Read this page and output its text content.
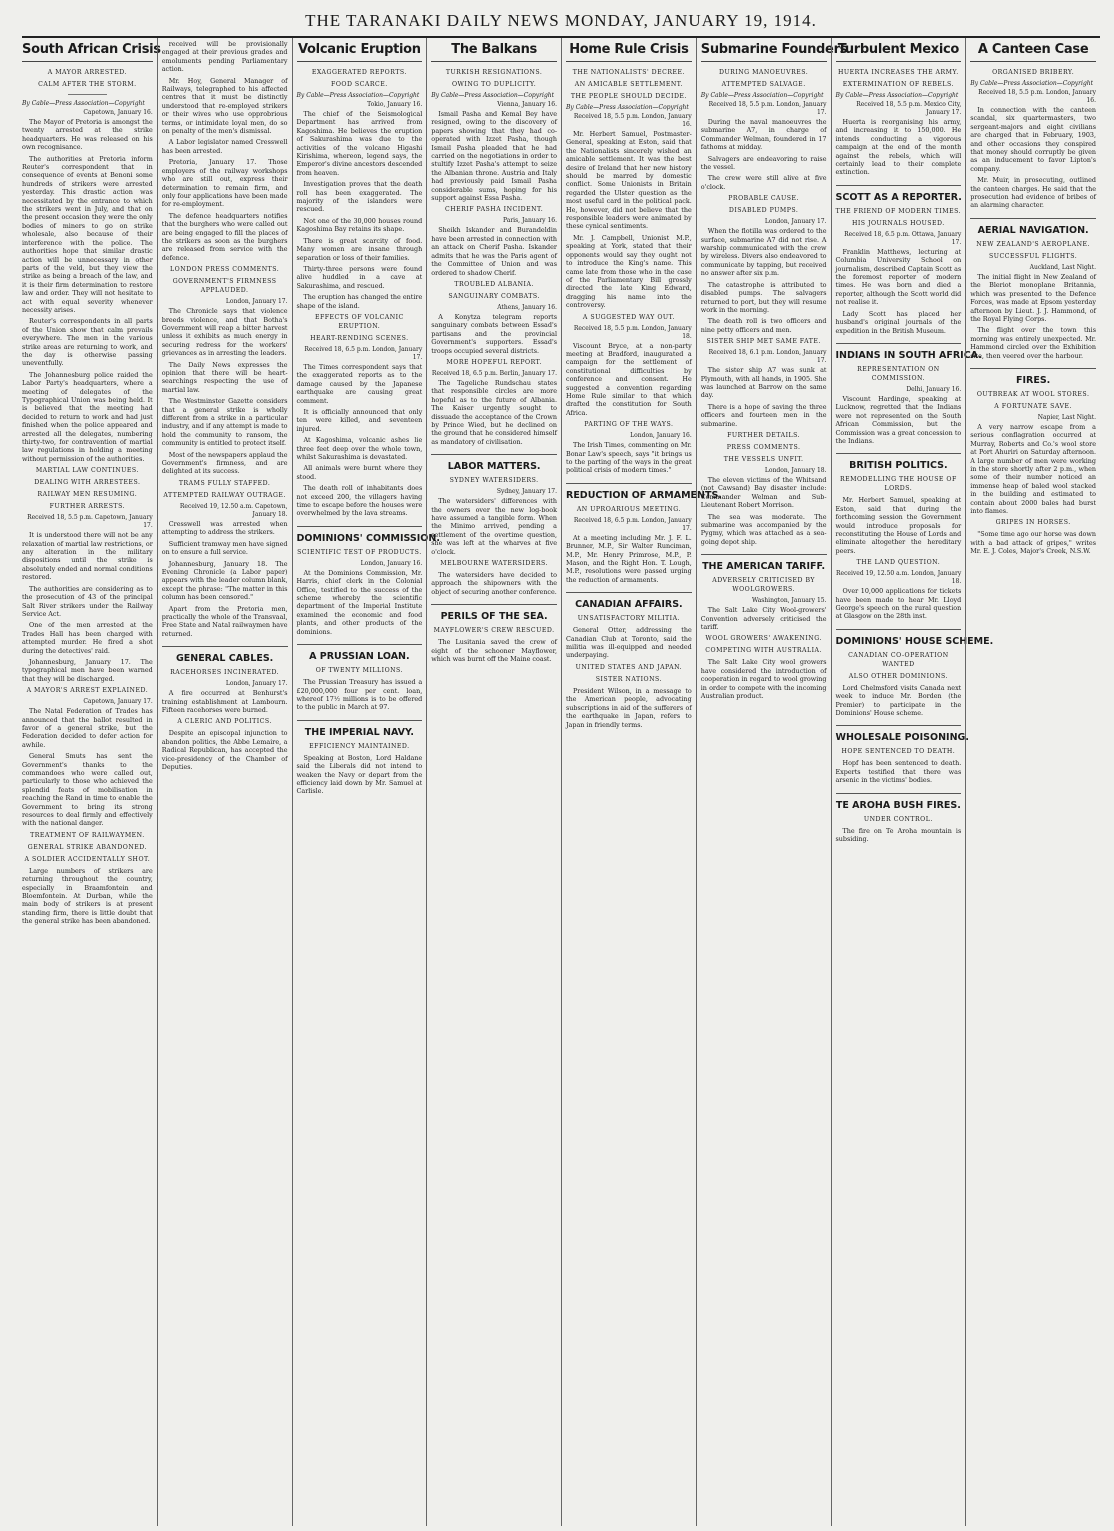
THE TARANAKI DAILY NEWS MONDAY, JANUARY 19, 1914.
South African Crisis
A MAYOR ARRESTED.
CALM AFTER THE STORM.
By Cable—Press Association—Copyright
Capetown, January 16.

The Mayor of Pretoria is amongst the twenty arrested at the strike headquarters. He was released on his own recognisance.

The authorities at Pretoria inform Reuter's correspondent that in consequence of events at Benoni some hundreds of strikers were arrested yesterday. This drastic action was necessitated by the entrance to which the strikers went in July, and that on the present occasion they were the only bodies of miners to go on strike wholesale, also because of their interference with the police. The authorities hope that similar drastic action will be unnecessary in other parts of the veld, but they view the strike as being a breach of the law, and it is their firm determination to restore law and order. They will not hesitate to act with equal severity whenever necessity arises.

Reuter's correspondents in all parts of the Union show that calm prevails everywhere. The men in the various strike areas are returning to work, and the day is otherwise passing uneventfully.

The Johannesburg police raided the Labor Party's headquarters, where a meeting of delegates of the Typographical Union was being held. It is believed that the meeting had decided to return to work and had just finished when the police appeared and arrested all the delegates, numbering thirty-two, for contravention of martial law regulations in holding a meeting without permission of the authorities.

MARTIAL LAW CONTINUES.
DEALING WITH ARRESTEES.
RAILWAY MEN RESUMING.
FURTHER ARRESTS.
Received 18, 5.5 p.m. Capetown, January 17.

It is understood there will not be any relaxation of martial law restrictions, or any alteration in the military dispositions until the strike is absolutely ended and normal conditions restored.

The authorities are considering as to the prosecution of 43 of the principal Salt River strikers under the Railway Service Act.

One of the men arrested at the Trades Hall has been charged with attempted murder. He fired a shot during the detectives' raid.

Johannesburg, January 17. The typographical men have been warned that they will be discharged.

A MAYOR'S ARREST EXPLAINED.
Capetown, January 17.

The Natal Federation of Trades has announced that the ballot resulted in favor of a general strike, but the Federation decided to defer action for awhile.

General Smuts has sent the Government's thanks to the commandoes who were called out, particularly to those who achieved the splendid feats of mobilisation in reaching the Rand in time to enable the Government to bring its strong resources to deal firmly and effectively with the national danger.

TREATMENT OF RAILWAYMEN.
GENERAL STRIKE ABANDONED.
A SOLDIER ACCIDENTALLY SHOT.

Large numbers of strikers are returning throughout the country, especially in Braamfontein and Bloemfontein. At Durban, while the main body of strikers is at present standing firm, there is little doubt that the general strike has been abandoned.

received will be provisionally engaged at their previous grades and emoluments pending Parliamentary action.

Mr. Hoy, General Manager of Railways, telegraphed to his affected centres that it must be distinctly understood that re-employed strikers or their wives who use opprobrious terms, or intimidate loyal men, do so on penalty of the men's dismissal.

A Labor legislator named Cresswell has been arrested.

Pretoria, January 17. Those employers of the railway workshops who are still out, express their determination to remain firm, and only four applications have been made for re-employment.

The defence headquarters notifies that the burghers who were called out are being engaged to fill the places of the strikers as soon as the burghers are released from service with the defence.

LONDON PRESS COMMENTS.
GOVERNMENT'S FIRMNESS APPLAUDED.
London, January 17.

The Chronicle says that violence breeds violence, and that Botha's Government will reap a bitter harvest unless it exhibits as much energy in securing redress for the workers' grievances as in arresting the leaders.

The Daily News expresses the opinion that there will be heart-searchings respecting the use of martial law.

The Westminster Gazette considers that a general strike is wholly different from a strike in a particular industry, and if any attempt is made to hold the community to ransom, the community is entitled to protect itself.

Most of the newspapers applaud the Government's firmness, and are delighted at its success.

TRAMS FULLY STAFFED.
ATTEMPTED RAILWAY OUTRAGE.
Received 19, 12.50 a.m. Capetown, January 18.

Cresswell was arrested when attempting to address the strikers.

Sufficient tramway men have signed on to ensure a full service.

Johannesburg, January 18. The Evening Chronicle (a Labor paper) appears with the leader column blank, except the phrase: "The matter in this column has been censored."

Apart from the Pretoria men, practically the whole of the Transvaal, Free State and Natal railwaymen have returned.

GENERAL CABLES.
RACEHORSES INCINERATED.
London, January 17.

A fire occurred at Benhurst's training establishment at Lambourn. Fifteen racehorses were burned.

A CLERIC AND POLITICS.

Despite an episcopal injunction to abandon politics, the Abbe Lemaire, a Radical Republican, has accepted the vice-presidency of the Chamber of Deputies.

Volcanic Eruption
EXAGGERATED REPORTS.
FOOD SCARCE.
By Cable—Press Association—Copyright
Tokio, January 16.

The chief of the Seismological Department has arrived from Kagoshima. He believes the eruption of Sakurashima was due to the activities of the volcano Higashi Kirishima, whereon, legend says, the Emperor's divine ancestors descended from heaven.

Investigation proves that the death roll has been exaggerated. The majority of the islanders were rescued.

Not one of the 30,000 houses round Kagoshima Bay retains its shape.

There is great scarcity of food. Many women are insane through separation or loss of their families.

Thirty-three persons were found alive huddled in a cave at Sakurashima, and rescued.

The eruption has changed the entire shape of the island.

EFFECTS OF VOLCANIC ERUPTION.
HEART-RENDING SCENES.
Received 18, 6.5 p.m. London, January 17.

The Times correspondent says that the exaggerated reports as to the damage caused by the Japanese earthquake are causing great comment.

It is officially announced that only ten were killed, and seventeen injured.

At Kagoshima, volcanic ashes lie three feet deep over the whole town, whilst Sakurashima is devastated.

All animals were burnt where they stood.

The death roll of inhabitants does not exceed 200, the villagers having time to escape before the houses were overwhelmed by the lava streams.

DOMINIONS' COMMISSION.
SCIENTIFIC TEST OF PRODUCTS.
London, January 16.

At the Dominions Commission, Mr. Harris, chief clerk in the Colonial Office, testified to the success of the scheme whereby the scientific department of the Imperial Institute examined the economic and food plants, and other products of the dominions.

A PRUSSIAN LOAN.
OF TWENTY MILLIONS.

The Prussian Treasury has issued a £20,000,000 four per cent. loan, whereof 17½ millions is to be offered to the public in March at 97.

THE IMPERIAL NAVY.
EFFICIENCY MAINTAINED.

Speaking at Boston, Lord Haldane said the Liberals did not intend to weaken the Navy or depart from the efficiency laid down by Mr. Samuel at Carlisle.

The Balkans
TURKISH RESIGNATIONS.
OWING TO DUPLICITY.
By Cable—Press Association—Copyright
Vienna, January 16.

Ismail Pasha and Kemal Bey have resigned, owing to the discovery of papers showing that they had co-operated with Izzet Pasha, though Ismail Pasha pleaded that he had carried on the negotiations in order to stultify Izzet Pasha's attempt to seize the Albanian throne. Austria and Italy had previously paid Ismail Pasha considerable sums, hoping for his support against Essa Pasha.

CHERIF PASHA INCIDENT.
Paris, January 16.

Sheikh Iskander and Burandeldin have been arrested in connection with an attack on Cherif Pasha. Iskander admits that he was the Paris agent of the Committee of Union and was ordered to shadow Cherif.

TROUBLED ALBANIA.
SANGUINARY COMBATS.
Athens, January 16.

A Konytza telegram reports sanguinary combats between Essad's partisans and the provincial Government's supporters. Essad's troops occupied several districts.

MORE HOPEFUL REPORT.
Received 18, 6.5 p.m. Berlin, January 17.

The Tageliche Rundschau states that responsible circles are more hopeful as to the future of Albania. The Kaiser urgently sought to dissuade the acceptance of the Crown by Prince Wied, but he declined on the ground that he considered himself as mandatory of civilisation.

LABOR MATTERS.
SYDNEY WATERSIDERS.
Sydney, January 17.

The watersiders' differences with the owners over the new log-book have assumed a tangible form. When the Minimo arrived, pending a settlement of the overtime question, she was left at the wharves at five o'clock.

MELBOURNE WATERSIDERS.

The watersiders have decided to approach the shipowners with the object of securing another conference.

PERILS OF THE SEA.
MAYFLOWER'S CREW RESCUED.

The Lusitania saved the crew of eight of the schooner Mayflower, which was burnt off the Maine coast.

Home Rule Crisis
THE NATIONALISTS' DECREE.
AN AMICABLE SETTLEMENT.
THE PEOPLE SHOULD DECIDE.
By Cable—Press Association—Copyright
Received 18, 5.5 p.m. London, January 16.

Mr. Herbert Samuel, Postmaster-General, speaking at Eston, said that the Nationalists sincerely wished an amicable settlement. It was the best desire of Ireland that her new history should be marred by domestic conflict. Some Unionists in Britain regarded the Ulster question as the most useful card in the political pack. He, however, did not believe that the responsible leaders were animated by these cynical sentiments.

Mr. J. Campbell, Unionist M.P., speaking at York, stated that their opponents would say they ought not to introduce the King's name. This came late from those who in the case of the Parliamentary Bill grossly directed the late King Edward, dragging his name into the controversy.

A SUGGESTED WAY OUT.
Received 18, 5.5 p.m. London, January 18.

Viscount Bryce, at a non-party meeting at Bradford, inaugurated a campaign for the settlement of constitutional difficulties by conference and consent. He suggested a convention regarding Home Rule similar to that which drafted the constitution for South Africa.

PARTING OF THE WAYS.
London, January 16.

The Irish Times, commenting on Mr. Bonar Law's speech, says "it brings us to the parting of the ways in the great political crisis of modern times."

REDUCTION OF ARMAMENTS.
AN UPROARIOUS MEETING.
Received 18, 6.5 p.m. London, January 17.

At a meeting including Mr. J. F. L. Brunner, M.P., Sir Walter Runciman, M.P., Mr. Henry Primrose, M.P., P. Mason, and the Right Hon. T. Lough, M.P., resolutions were passed urging the reduction of armaments.

CANADIAN AFFAIRS.
UNSATISFACTORY MILITIA.

General Otter, addressing the Canadian Club at Toronto, said the militia was ill-equipped and needed underpaying.

UNITED STATES AND JAPAN.
SISTER NATIONS.

President Wilson, in a message to the American people, advocating subscriptions in aid of the sufferers of the earthquake in Japan, refers to Japan in friendly terms.

Submarine Founders
DURING MANOEUVRES.
ATTEMPTED SALVAGE.
By Cable—Press Association—Copyright
Received 18, 5.5 p.m. London, January 17.

During the naval manoeuvres the submarine A7, in charge of Commander Welman, foundered in 17 fathoms at midday.

Salvagers are endeavoring to raise the vessel.

The crew were still alive at five o'clock.

PROBABLE CAUSE.
DISABLED PUMPS.
London, January 17.

When the flotilla was ordered to the surface, submarine A7 did not rise. A warship communicated with the crew by wireless. Divers also endeavored to communicate by tapping, but received no answer after six p.m.

The catastrophe is attributed to disabled pumps. The salvagers returned to port, but they will resume work in the morning.

The death roll is two officers and nine petty officers and men.

SISTER SHIP MET SAME FATE.
Received 18, 6.1 p.m. London, January 17.

The sister ship A7 was sunk at Plymouth, with all hands, in 1905. She was launched at Barrow on the same day.

There is a hope of saving the three officers and fourteen men in the submarine.

FURTHER DETAILS.
PRESS COMMENTS.
THE VESSELS UNFIT.
London, January 18.

The eleven victims of the Whitsand (not Cawsand) Bay disaster include: Commander Welman and Sub-Lieutenant Robert Morrison.

The sea was moderate. The submarine was accompanied by the Pygmy, which was attached as a sea-going depot ship.

THE AMERICAN TARIFF.
ADVERSELY CRITICISED BY WOOLGROWERS.
Washington, January 15.

The Salt Lake City Wool-growers' Convention adversely criticised the tariff.

WOOL GROWERS' AWAKENING.
COMPETING WITH AUSTRALIA.

The Salt Lake City wool growers have considered the introduction of cooperation in regard to wool growing in order to compete with the incoming Australian product.

Turbulent Mexico
HUERTA INCREASES THE ARMY.
EXTERMINATION OF REBELS.
By Cable—Press Association—Copyright
Received 18, 5.5 p.m. Mexico City, January 17.

Huerta is reorganising his army, and increasing it to 150,000. He intends conducting a vigorous campaign at the end of the month against the rebels, which will certainly lead to their complete extinction.

SCOTT AS A REPORTER.
THE FRIEND OF MODERN TIMES.
HIS JOURNALS HOUSED.
Received 18, 6.5 p.m. Ottawa, January 17.

Franklin Matthews, lecturing at Columbia University School on journalism, described Captain Scott as the foremost reporter of modern times. He was born and died a reporter, although the Scott world did not realise it.

Lady Scott has placed her husband's original journals of the expedition in the British Museum.

INDIANS IN SOUTH AFRICA.
REPRESENTATION ON COMMISSION.
Delhi, January 16.

Viscount Hardinge, speaking at Lucknow, regretted that the Indians were not represented on the South African Commission, but the Commission was a great concession to the Indians.

BRITISH POLITICS.
REMODELLING THE HOUSE OF LORDS.

Mr. Herbert Samuel, speaking at Eston, said that during the forthcoming session the Government would introduce proposals for reconstituting the House of Lords and eliminate altogether the hereditary peers.

THE LAND QUESTION.
Received 19, 12.50 a.m. London, January 18.

Over 10,000 applications for tickets have been made to hear Mr. Lloyd George's speech on the rural question at Glasgow on the 28th inst.

DOMINIONS' HOUSE SCHEME.
CANADIAN CO-OPERATION WANTED
ALSO OTHER DOMINIONS.

Lord Chelmsford visits Canada next week to induce Mr. Borden (the Premier) to participate in the Dominions' House scheme.

WHOLESALE POISONING.
HOPE SENTENCED TO DEATH.

Hopf has been sentenced to death. Experts testified that there was arsenic in the victims' bodies.

TE AROHA BUSH FIRES.
UNDER CONTROL.

The fire on Te Aroha mountain is subsiding.

A Canteen Case
ORGANISED BRIBERY.
By Cable—Press Association—Copyright
Received 18, 5.5 p.m. London, January 16.

In connection with the canteen scandal, six quartermasters, two sergeant-majors and eight civilians are charged that in February, 1903, and other occasions they conspired that money should corruptly be given as an inducement to favor Lipton's company.

Mr. Muir, in prosecuting, outlined the canteen charges. He said that the prosecution had evidence of bribes of an alarming character.

AERIAL NAVIGATION.
NEW ZEALAND'S AEROPLANE.
SUCCESSFUL FLIGHTS.
Auckland, Last Night.

The initial flight in New Zealand of the Bleriot monoplane Britannia, which was presented to the Defence Forces, was made at Epsom yesterday afternoon by Lieut. J. J. Hammond, of the Royal Flying Corps.

The flight over the town this morning was entirely unexpected. Mr. Hammond circled over the Exhibition site, then veered over the harbour.

FIRES.
OUTBREAK AT WOOL STORES.
A FORTUNATE SAVE.
Napier, Last Night.

A very narrow escape from a serious conflagration occurred at Murray, Roberts and Co.'s wool store at Port Ahuriri on Saturday afternoon. A large number of men were working in the store shortly after 2 p.m., when some of their number noticed an immense heap of baled wool stacked in the building and estimated to contain about 2000 bales had burst into flames.

GRIPES IN HORSES.

"Some time ago our horse was down with a bad attack of gripes," writes Mr. E. J. Coles, Major's Creek, N.S.W.
